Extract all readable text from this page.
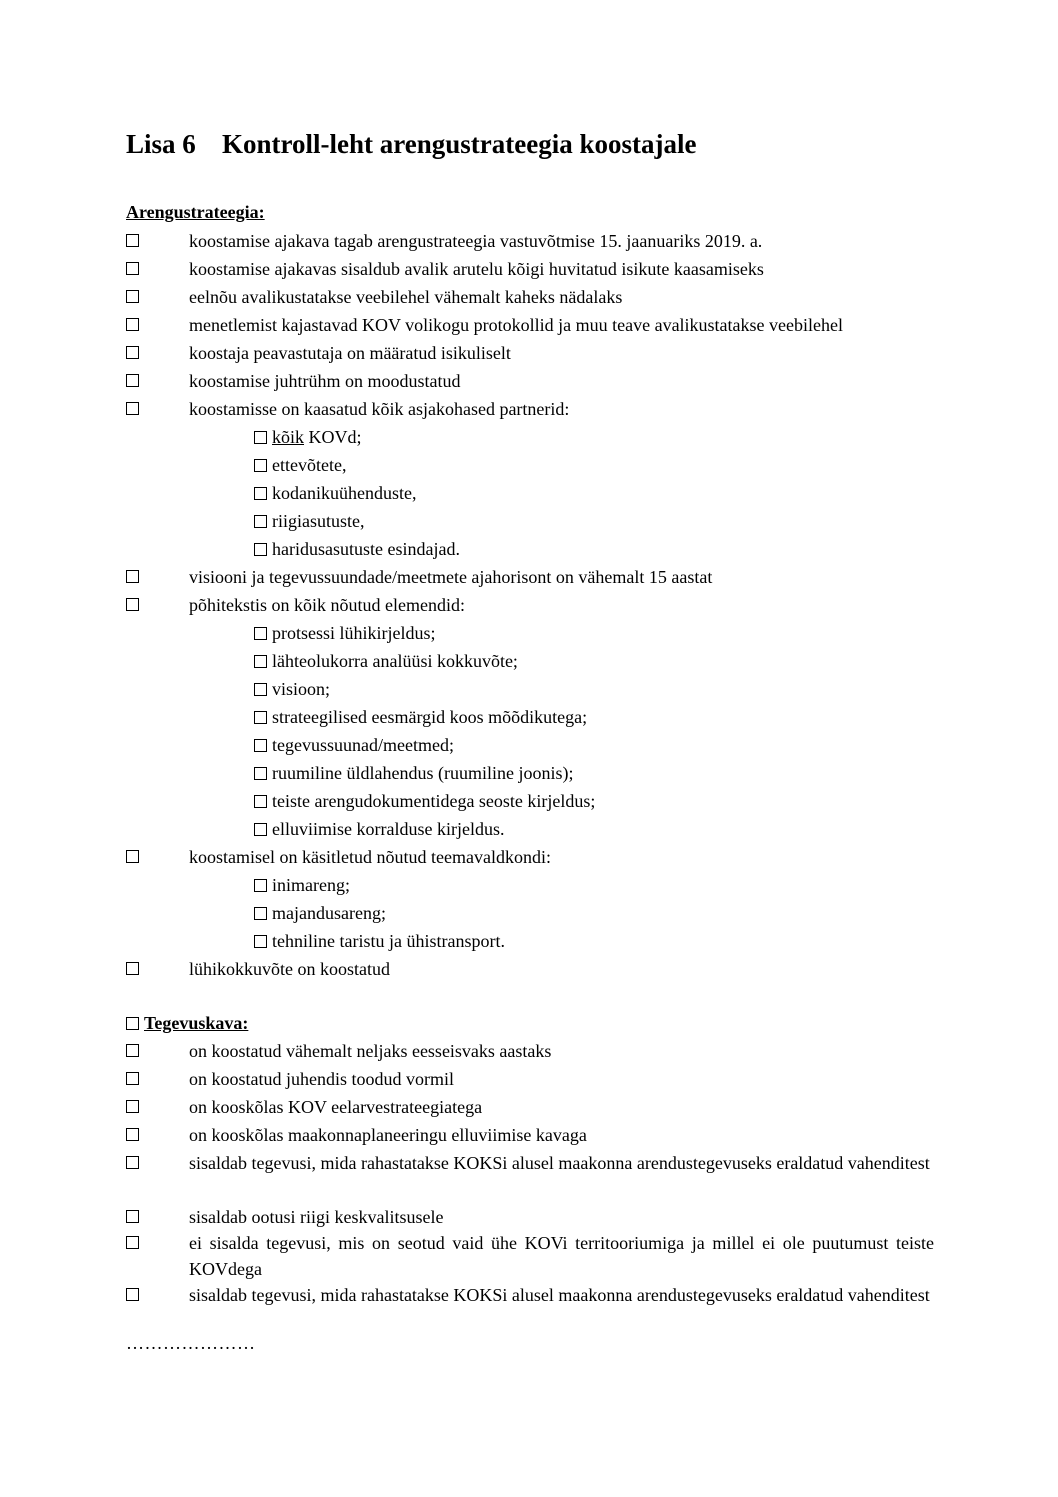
Lisa 6 Kontroll-leht arengustrateegia koostajale
Arengustrateegia:
koostamise ajakava tagab arengustrateegia vastuvõtmise 15. jaanuariks 2019. a.
koostamise ajakavas sisaldub avalik arutelu kõigi huvitatud isikute kaasamiseks
eelnõu avalikustatakse veebilehel vähemalt kaheks nädalaks
menetlemist kajastavad KOV volikogu protokollid ja muu teave avalikustatakse veebilehel
koostaja peavastutaja on määratud isikuliselt
koostamise juhtrühm on moodustatud
koostamisse on kaasatud kõik asjakohased partnerid:
kõik KOVd;
ettevõtete,
kodanikuühenduste,
riigiasutuste,
haridusasutuste esindajad.
visiooni ja tegevussuundade/meetmete ajahorisont on vähemalt 15 aastat
põhitekstis on kõik nõutud elemendid:
protsessi lühikirjeldus;
lähteolukorra analüüsi kokkuvõte;
visioon;
strateegilised eesmärgid koos mõõdikutega;
tegevussuunad/meetmed;
ruumiline üldlahendus (ruumiline joonis);
teiste arengudokumentidega seoste kirjeldus;
elluviimise korralduse kirjeldus.
koostamisel on käsitletud nõutud teemavaldkondi:
inimareng;
majandusareng;
tehniline taristu ja ühistransport.
lühikokkuvõte on koostatud
Tegevuskava:
on koostatud vähemalt neljaks eesseisvaks aastaks
on koostatud juhendis toodud vormil
on kooskõlas KOV eelarvestrateegiatega
on kooskõlas maakonnaplaneeringu elluviimise kavaga
sisaldab tegevusi, mida rahastatakse KOKSi alusel maakonna arendustegevuseks eraldatud vahenditest
sisaldab ootusi riigi keskvalitsusele
ei sisalda tegevusi, mis on seotud vaid ühe KOVi territooriumiga ja millel ei ole puutumust teiste KOVdega
sisaldab tegevusi, mida rahastatakse KOKSi alusel maakonna arendustegevuseks eraldatud vahenditest
…………………
